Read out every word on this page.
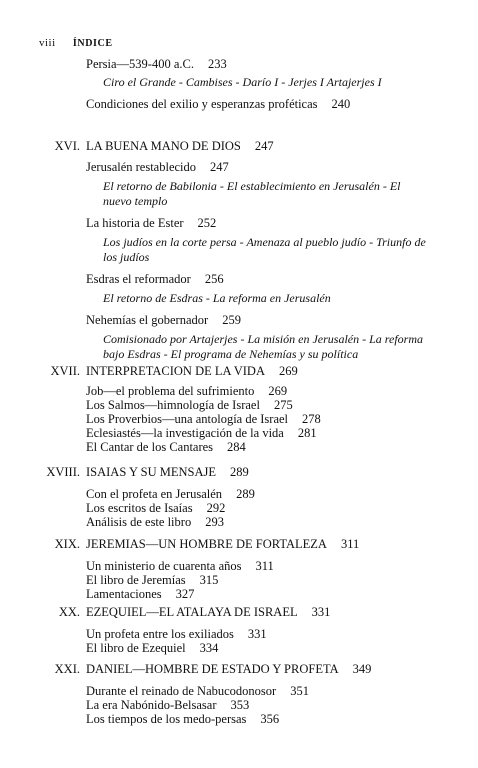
viii ÍNDICE
Persia—539-400 a.C. 233
Ciro el Grande - Cambises - Darío I - Jerjes I Artajerjes I
Condiciones del exilio y esperanzas proféticas 240
XVI. LA BUENA MANO DE DIOS 247
Jerusalén restablecido 247
El retorno de Babilonia - El establecimiento en Jerusalén - El nuevo templo
La historia de Ester 252
Los judíos en la corte persa - Amenaza al pueblo judío - Triunfo de los judíos
Esdras el reformador 256
El retorno de Esdras - La reforma en Jerusalén
Nehemías el gobernador 259
Comisionado por Artajerjes - La misión en Jerusalén - La reforma bajo Esdras - El programa de Nehemías y su política
XVII. INTERPRETACION DE LA VIDA 269
Job—el problema del sufrimiento 269
Los Salmos—himnología de Israel 275
Los Proverbios—una antología de Israel 278
Eclesiastés—la investigación de la vida 281
El Cantar de los Cantares 284
XVIII. ISAIAS Y SU MENSAJE 289
Con el profeta en Jerusalén 289
Los escritos de Isaías 292
Análisis de este libro 293
XIX. JEREMIAS—UN HOMBRE DE FORTALEZA 311
Un ministerio de cuarenta años 311
El libro de Jeremías 315
Lamentaciones 327
XX. EZEQUIEL—EL ATALAYA DE ISRAEL 331
Un profeta entre los exiliados 331
El libro de Ezequiel 334
XXI. DANIEL—HOMBRE DE ESTADO Y PROFETA 349
Durante el reinado de Nabucodonosor 351
La era Nabónido-Belsasar 353
Los tiempos de los medo-persas 356
